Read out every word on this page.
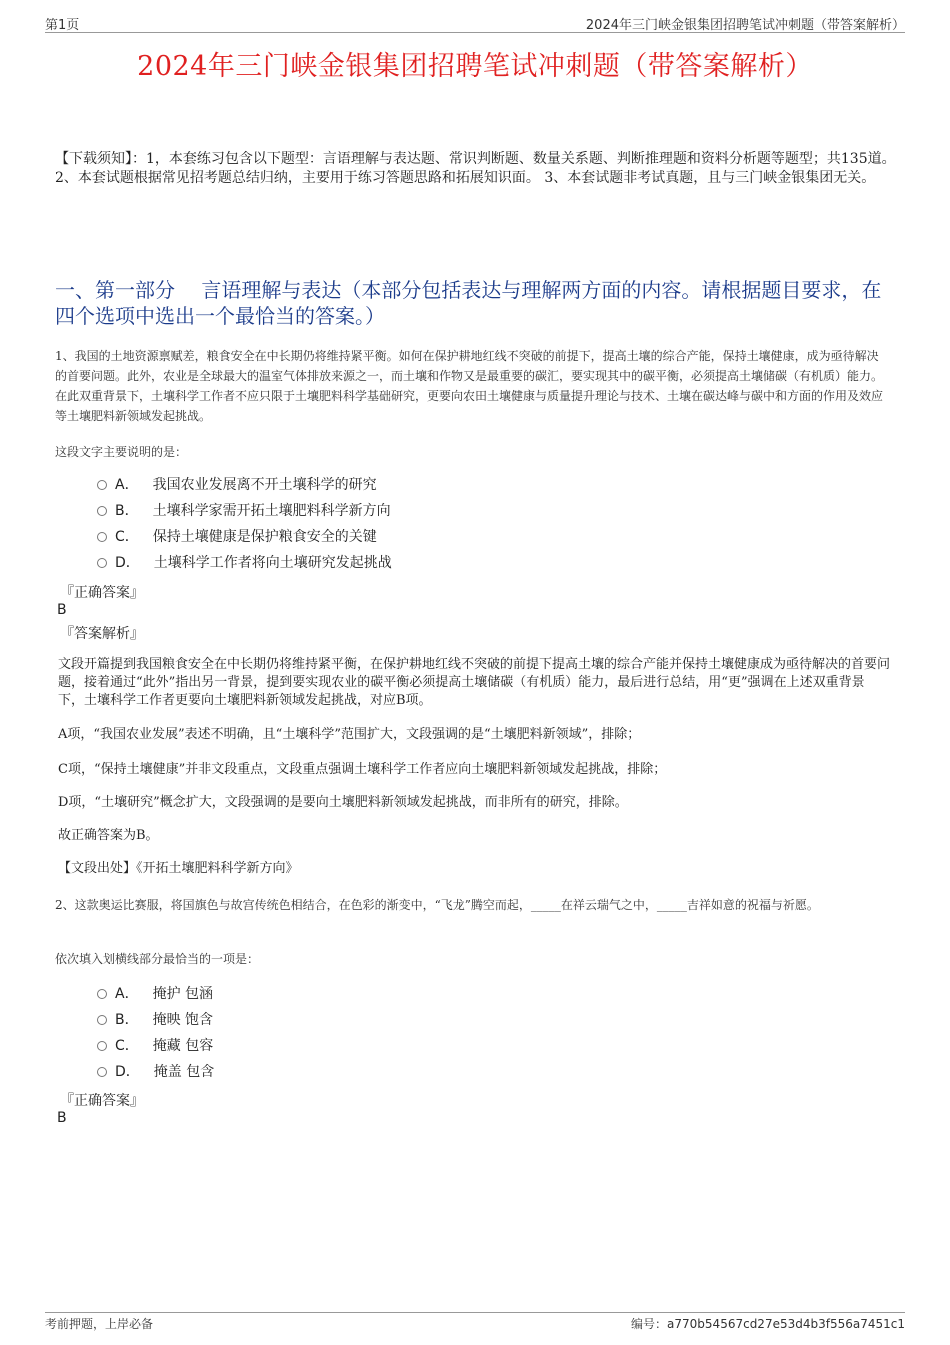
第1页	2024年三门峡金银集团招聘笔试冲刺题（带答案解析）
2024年三门峡金银集团招聘笔试冲刺题（带答案解析）
【下载须知】：1，本套练习包含以下题型：言语理解与表达题、常识判断题、数量关系题、判断推理题和资料分析题等题型；共135道。 2、本套试题根据常见招考题总结归纳，主要用于练习答题思路和拓展知识面。 3、本套试题非考试真题，且与三门峡金银集团无关。
一、第一部分　 言语理解与表达（本部分包括表达与理解两方面的内容。请根据题目要求，在四个选项中选出一个最恰当的答案。）
1、我国的土地资源禀赋差，粮食安全在中长期仍将维持紧平衡。如何在保护耕地红线不突破的前提下，提高土壤的综合产能，保持土壤健康，成为亟待解决的首要问题。此外，农业是全球最大的温室气体排放来源之一，而土壤和作物又是最重要的碳汇，要实现其中的碳平衡，必须提高土壤储碳（有机质）能力。在此双重背景下，土壤科学工作者不应只限于土壤肥料科学基础研究，更要向农田土壤健康与质量提升理论与技术、土壤在碳达峰与碳中和方面的作用及效应等土壤肥料新领域发起挑战。
这段文字主要说明的是：
A． 我国农业发展离不开土壤科学的研究
B． 土壤科学家需开拓土壤肥料科学新方向
C． 保持土壤健康是保护粮食安全的关键
D． 土壤科学工作者将向土壤研究发起挑战
『正确答案』
B
『答案解析』
文段开篇提到我国粮食安全在中长期仍将维持紧平衡，在保护耕地红线不突破的前提下提高土壤的综合产能并保持土壤健康成为亟待解决的首要问题，接着通过“此外”指出另一背景，提到要实现农业的碳平衡必须提高土壤储碳（有机质）能力，最后进行总结，用“更”强调在上述双重背景下，土壤科学工作者更要向土壤肥料新领域发起挑战，对应B项。
A项，“我国农业发展”表述不明确，且“土壤科学”范围扩大，文段强调的是“土壤肥料新领域”，排除；
C项，“保持土壤健康”并非文段重点，文段重点强调土壤科学工作者应向土壤肥料新领域发起挑战，排除；
D项，“土壤研究”概念扩大，文段强调的是要向土壤肥料新领域发起挑战，而非所有的研究，排除。
故正确答案为B。
【文段出处】《开拓土壤肥料科学新方向》
2、这款奥运比赛服，将国旗色与故宫传统色相结合，在色彩的渐变中，“飞龙”腾空而起，_____在祥云瑞气之中，_____吉祥如意的祝福与祈愿。
依次填入划横线部分最恰当的一项是：
A． 掩护 包涵
B． 掩映 饱含
C． 掩藏 包容
D． 掩盖 包含
『正确答案』
B
考前押题，上岸必备	编号：a770b54567cd27e53d4b3f556a7451c1
